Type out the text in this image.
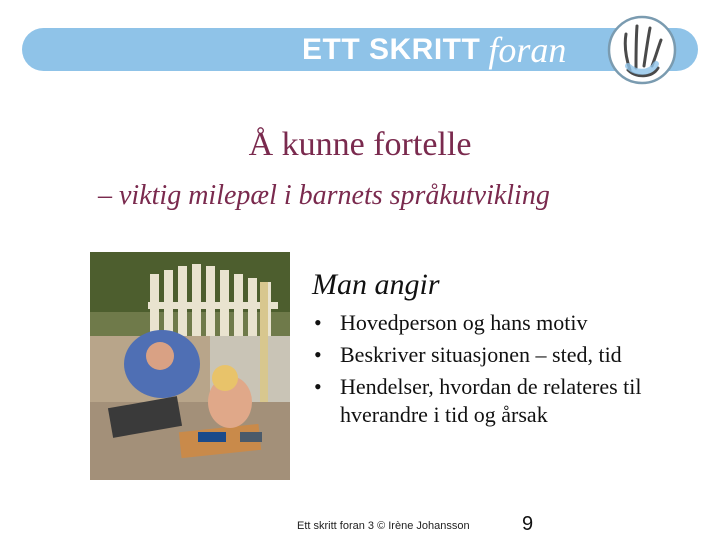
ETT SKRITT foran
Å kunne fortelle
– viktig milepæl i barnets språkutvikling
Man angir
• Hovedperson og hans motiv
• Beskriver situasjonen – sted, tid
• Hendelser, hvordan de relateres til hverandre i tid og årsak
Ett skritt foran 3 © Irène Johansson	9
